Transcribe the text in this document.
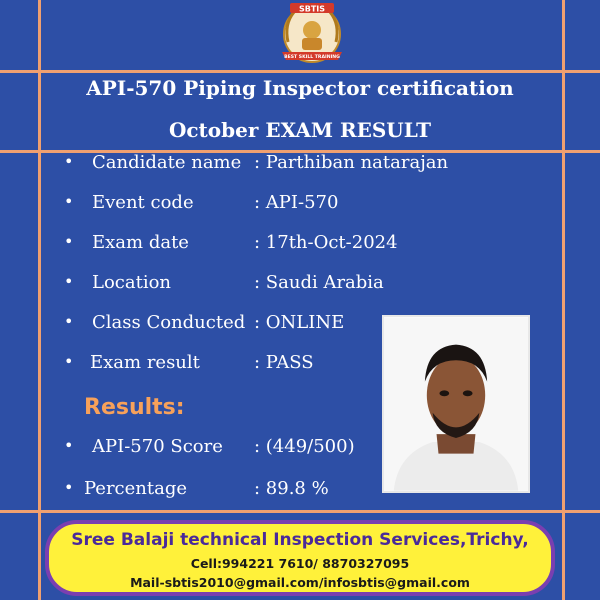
SBTIS
BEST SKILL TRAINING
API-570 Piping Inspector certification
October EXAM RESULT
• Candidate name : Parthiban natarajan
• Event code	: API-570
• Exam date	: 17th-Oct-2024
• Location	: Saudi Arabia
• Class Conducted : ONLINE
• Exam result	: PASS
Results:
• API-570 Score : (449/500)
• Percentage	: 89.8 %
Sree Balaji technical Inspection Services,Trichy,
Cell:994221 7610/ 8870327095
Mail-sbtis2010@gmail.com/infosbtis@gmail.com
